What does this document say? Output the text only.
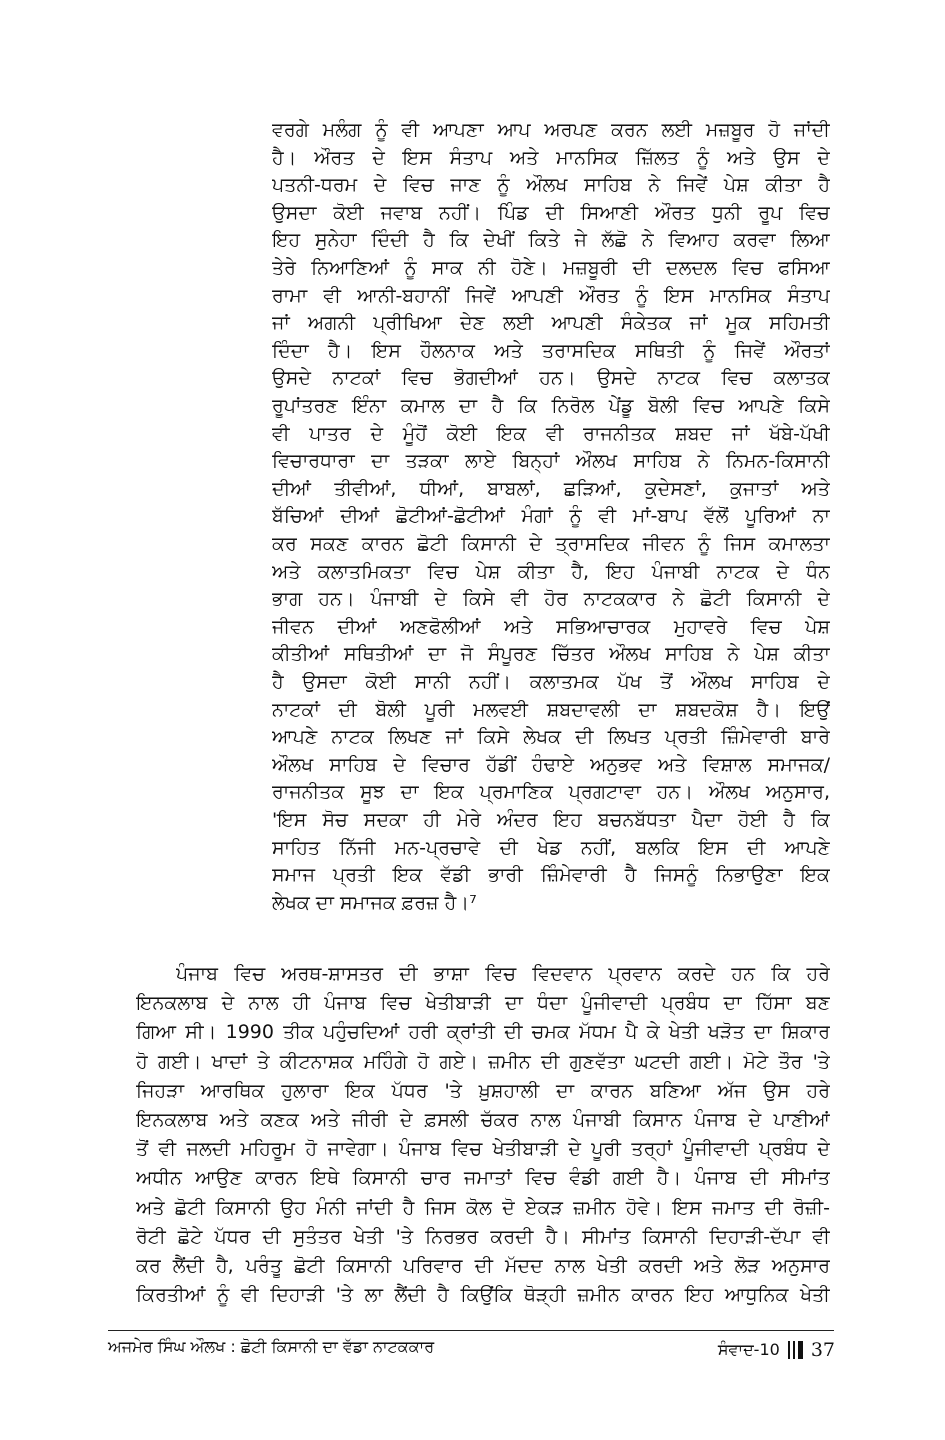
ਵਰਗੇ ਮਲੰਗ ਨੂੰ ਵੀ ਆਪਣਾ ਆਪ ਅਰਪਣ ਕਰਨ ਲਈ ਮਜ਼ਬੂਰ ਹੋ ਜਾਂਦੀ
ਹੈ। ਔਰਤ ਦੇ ਇਸ ਸੰਤਾਪ ਅਤੇ ਮਾਨਸਿਕ ਜ਼ਿੱਲਤ ਨੂੰ ਅਤੇ ਉਸ ਦੇ
ਪਤਨੀ-ਧਰਮ ਦੇ ਵਿਚ ਜਾਣ ਨੂੰ ਔਲਖ ਸਾਹਿਬ ਨੇ ਜਿਵੇਂ ਪੇਸ਼ ਕੀਤਾ ਹੈ
ਉਸਦਾ ਕੋਈ ਜਵਾਬ ਨਹੀਂ। ਪਿੰਡ ਦੀ ਸਿਆਣੀ ਔਰਤ ਧੁਨੀ ਰੂਪ ਵਿਚ
ਇਹ ਸੁਨੇਹਾ ਦਿੰਦੀ ਹੈ ਕਿ ਦੇਖੀਂ ਕਿਤੇ ਜੇ ਲੱਛੋ ਨੇ ਵਿਆਹ ਕਰਵਾ ਲਿਆ
ਤੇਰੇ ਨਿਆਣਿਆਂ ਨੂੰ ਸਾਕ ਨੀ ਹੋਣੇ। ਮਜ਼ਬੂਰੀ ਦੀ ਦਲਦਲ ਵਿਚ ਫਸਿਆ
ਰਾਮਾ ਵੀ ਆਨੀ-ਬਹਾਨੀਂ ਜਿਵੇਂ ਆਪਣੀ ਔਰਤ ਨੂੰ ਇਸ ਮਾਨਸਿਕ ਸੰਤਾਪ
ਜਾਂ ਅਗਨੀ ਪ੍ਰੀਖਿਆ ਦੇਣ ਲਈ ਆਪਣੀ ਸੰਕੇਤਕ ਜਾਂ ਮੂਕ ਸਹਿਮਤੀ
ਦਿੰਦਾ ਹੈ। ਇਸ ਹੌਲਨਾਕ ਅਤੇ ਤਰਾਸਦਿਕ ਸਥਿਤੀ ਨੂੰ ਜਿਵੇਂ ਔਰਤਾਂ
ਉਸਦੇ ਨਾਟਕਾਂ ਵਿਚ ਭੋਗਦੀਆਂ ਹਨ। ਉਸਦੇ ਨਾਟਕ ਵਿਚ ਕਲਾਤਕ
ਰੂਪਾਂਤਰਣ ਇੰਨਾ ਕਮਾਲ ਦਾ ਹੈ ਕਿ ਨਿਰੋਲ ਪੇਂਡੂ ਬੋਲੀ ਵਿਚ ਆਪਣੇ ਕਿਸੇ
ਵੀ ਪਾਤਰ ਦੇ ਮੂੰਹੋਂ ਕੋਈ ਇਕ ਵੀ ਰਾਜਨੀਤਕ ਸ਼ਬਦ ਜਾਂ ਖੱਬੇ-ਪੱਖੀ
ਵਿਚਾਰਧਾਰਾ ਦਾ ਤੜਕਾ ਲਾਏ ਬਿਨ੍ਹਾਂ ਔਲਖ ਸਾਹਿਬ ਨੇ ਨਿਮਨ-ਕਿਸਾਨੀ
ਦੀਆਂ ਤੀਵੀਆਂ, ਧੀਆਂ, ਬਾਬਲਾਂ, ਛੜਿਆਂ, ਕੁਦੇਸਣਾਂ, ਕੁਜਾਤਾਂ ਅਤੇ
ਬੱਚਿਆਂ ਦੀਆਂ ਛੋਟੀਆਂ-ਛੋਟੀਆਂ ਮੰਗਾਂ ਨੂੰ ਵੀ ਮਾਂ-ਬਾਪ ਵੱਲੋਂ ਪੂਰਿਆਂ ਨਾ
ਕਰ ਸਕਣ ਕਾਰਨ ਛੋਟੀ ਕਿਸਾਨੀ ਦੇ ਤ੍ਰਾਸਦਿਕ ਜੀਵਨ ਨੂੰ ਜਿਸ ਕਮਾਲਤਾ
ਅਤੇ ਕਲਾਤਮਿਕਤਾ ਵਿਚ ਪੇਸ਼ ਕੀਤਾ ਹੈ, ਇਹ ਪੰਜਾਬੀ ਨਾਟਕ ਦੇ ਧੰਨ
ਭਾਗ ਹਨ। ਪੰਜਾਬੀ ਦੇ ਕਿਸੇ ਵੀ ਹੋਰ ਨਾਟਕਕਾਰ ਨੇ ਛੋਟੀ ਕਿਸਾਨੀ ਦੇ
ਜੀਵਨ ਦੀਆਂ ਅਣਫੋਲੀਆਂ ਅਤੇ ਸਭਿਆਚਾਰਕ ਮੁਹਾਵਰੇ ਵਿਚ ਪੇਸ਼
ਕੀਤੀਆਂ ਸਥਿਤੀਆਂ ਦਾ ਜੋ ਸੰਪੂਰਣ ਚਿੱਤਰ ਔਲਖ ਸਾਹਿਬ ਨੇ ਪੇਸ਼ ਕੀਤਾ
ਹੈ ਉਸਦਾ ਕੋਈ ਸਾਨੀ ਨਹੀਂ। ਕਲਾਤਮਕ ਪੱਖ ਤੋਂ ਔਲਖ ਸਾਹਿਬ ਦੇ
ਨਾਟਕਾਂ ਦੀ ਬੋਲੀ ਪੂਰੀ ਮਲਵਈ ਸ਼ਬਦਾਵਲੀ ਦਾ ਸ਼ਬਦਕੋਸ਼ ਹੈ। ਇਉਂ
ਆਪਣੇ ਨਾਟਕ ਲਿਖਣ ਜਾਂ ਕਿਸੇ ਲੇਖਕ ਦੀ ਲਿਖਤ ਪ੍ਰਤੀ ਜ਼ਿੰਮੇਵਾਰੀ ਬਾਰੇ
ਔਲਖ ਸਾਹਿਬ ਦੇ ਵਿਚਾਰ ਹੱਡੀਂ ਹੰਢਾਏ ਅਨੁਭਵ ਅਤੇ ਵਿਸ਼ਾਲ ਸਮਾਜਕ/
ਰਾਜਨੀਤਕ ਸੂਝ ਦਾ ਇਕ ਪ੍ਰਮਾਣਿਕ ਪ੍ਰਗਟਾਵਾ ਹਨ। ਔਲਖ ਅਨੁਸਾਰ,
'ਇਸ ਸੋਚ ਸਦਕਾ ਹੀ ਮੇਰੇ ਅੰਦਰ ਇਹ ਬਚਨਬੱਧਤਾ ਪੈਦਾ ਹੋਈ ਹੈ ਕਿ
ਸਾਹਿਤ ਨਿੱਜੀ ਮਨ-ਪ੍ਰਚਾਵੇ ਦੀ ਖੇਡ ਨਹੀਂ, ਬਲਕਿ ਇਸ ਦੀ ਆਪਣੇ
ਸਮਾਜ ਪ੍ਰਤੀ ਇਕ ਵੱਡੀ ਭਾਰੀ ਜ਼ਿੰਮੇਵਾਰੀ ਹੈ ਜਿਸਨੂੰ ਨਿਭਾਉਣਾ ਇਕ
ਲੇਖਕ ਦਾ ਸਮਾਜਕ ਫ਼ਰਜ਼ ਹੈ।⁷
ਪੰਜਾਬ ਵਿਚ ਅਰਥ-ਸ਼ਾਸਤਰ ਦੀ ਭਾਸ਼ਾ ਵਿਚ ਵਿਦਵਾਨ ਪ੍ਰਵਾਨ ਕਰਦੇ ਹਨ ਕਿ ਹਰੇ
ਇਨਕਲਾਬ ਦੇ ਨਾਲ ਹੀ ਪੰਜਾਬ ਵਿਚ ਖੇਤੀਬਾੜੀ ਦਾ ਧੰਦਾ ਪੂੰਜੀਵਾਦੀ ਪ੍ਰਬੰਧ ਦਾ ਹਿੱਸਾ ਬਣ
ਗਿਆ ਸੀ। 1990 ਤੀਕ ਪਹੁੰਚਦਿਆਂ ਹਰੀ ਕ੍ਰਾਂਤੀ ਦੀ ਚਮਕ ਮੱਧਮ ਪੈ ਕੇ ਖੇਤੀ ਖੜੋਤ ਦਾ ਸ਼ਿਕਾਰ
ਹੋ ਗਈ। ਖਾਦਾਂ ਤੇ ਕੀਟਨਾਸ਼ਕ ਮਹਿੰਗੇ ਹੋ ਗਏ। ਜ਼ਮੀਨ ਦੀ ਗੁਣਵੱਤਾ ਘਟਦੀ ਗਈ। ਮੋਟੇ ਤੌਰ 'ਤੇ
ਜਿਹੜਾ ਆਰਥਿਕ ਹੁਲਾਰਾ ਇਕ ਪੱਧਰ 'ਤੇ ਖ਼ੁਸ਼ਹਾਲੀ ਦਾ ਕਾਰਨ ਬਣਿਆ ਅੱਜ ਉਸ ਹਰੇ
ਇਨਕਲਾਬ ਅਤੇ ਕਣਕ ਅਤੇ ਜੀਰੀ ਦੇ ਫ਼ਸਲੀ ਚੱਕਰ ਨਾਲ ਪੰਜਾਬੀ ਕਿਸਾਨ ਪੰਜਾਬ ਦੇ ਪਾਣੀਆਂ
ਤੋਂ ਵੀ ਜਲਦੀ ਮਹਿਰੂਮ ਹੋ ਜਾਵੇਗਾ। ਪੰਜਾਬ ਵਿਚ ਖੇਤੀਬਾੜੀ ਦੇ ਪੂਰੀ ਤਰ੍ਹਾਂ ਪੂੰਜੀਵਾਦੀ ਪ੍ਰਬੰਧ ਦੇ
ਅਧੀਨ ਆਉਣ ਕਾਰਨ ਇਥੇ ਕਿਸਾਨੀ ਚਾਰ ਜਮਾਤਾਂ ਵਿਚ ਵੰਡੀ ਗਈ ਹੈ। ਪੰਜਾਬ ਦੀ ਸੀਮਾਂਤ
ਅਤੇ ਛੋਟੀ ਕਿਸਾਨੀ ਉਹ ਮੰਨੀ ਜਾਂਦੀ ਹੈ ਜਿਸ ਕੋਲ ਦੋ ਏਕੜ ਜ਼ਮੀਨ ਹੋਵੇ। ਇਸ ਜਮਾਤ ਦੀ ਰੋਜ਼ੀ-
ਰੋਟੀ ਛੋਟੇ ਪੱਧਰ ਦੀ ਸੁਤੰਤਰ ਖੇਤੀ 'ਤੇ ਨਿਰਭਰ ਕਰਦੀ ਹੈ। ਸੀਮਾਂਤ ਕਿਸਾਨੀ ਦਿਹਾੜੀ-ਦੱਪਾ ਵੀ
ਕਰ ਲੈਂਦੀ ਹੈ, ਪਰੰਤੂ ਛੋਟੀ ਕਿਸਾਨੀ ਪਰਿਵਾਰ ਦੀ ਮੱਦਦ ਨਾਲ ਖੇਤੀ ਕਰਦੀ ਅਤੇ ਲੋੜ ਅਨੁਸਾਰ
ਕਿਰਤੀਆਂ ਨੂੰ ਵੀ ਦਿਹਾੜੀ 'ਤੇ ਲਾ ਲੈਂਦੀ ਹੈ ਕਿਉਂਕਿ ਥੋੜ੍ਹੀ ਜ਼ਮੀਨ ਕਾਰਨ ਇਹ ਆਧੁਨਿਕ ਖੇਤੀ
ਅਜਮੇਰ ਸਿੰਘ ਔਲਖ : ਛੋਟੀ ਕਿਸਾਨੀ ਦਾ ਵੱਡਾ ਨਾਟਕਕਾਰ	ਸੰਵਾਦ-10 37
